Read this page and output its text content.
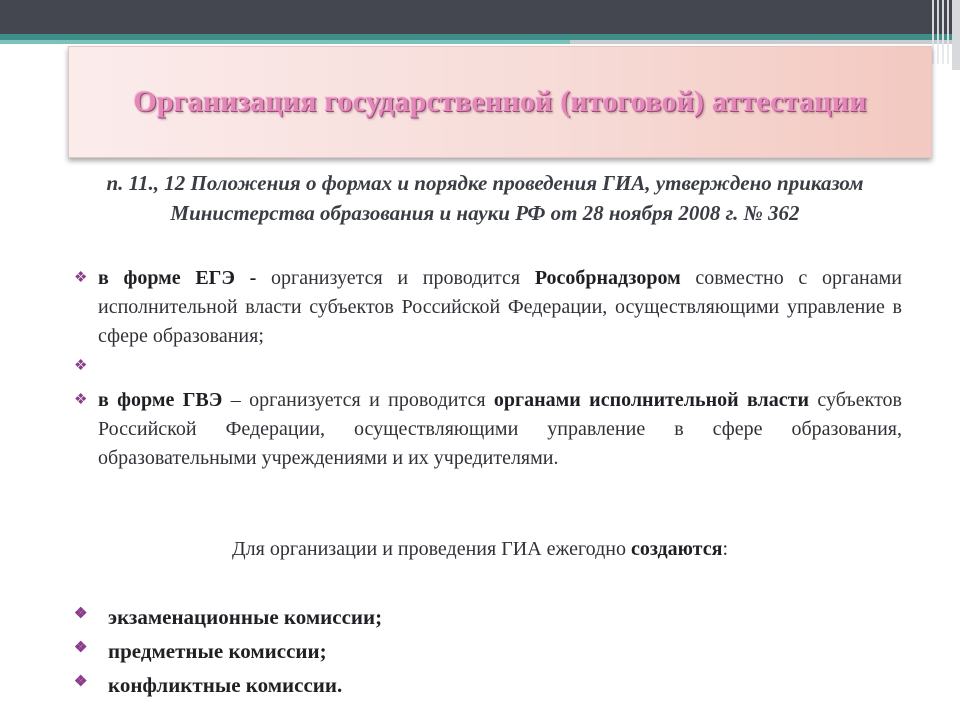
Организация государственной (итоговой) аттестации
п. 11., 12 Положения о формах и порядке проведения ГИА, утверждено приказом Министерства образования и науки РФ от 28 ноября 2008 г. № 362
❖ в форме ЕГЭ - организуется и проводится Рособрнадзором совместно с органами исполнительной власти субъектов Российской Федерации, осуществляющими управление в сфере образования;
❖
❖ в форме ГВЭ – организуется и проводится органами исполнительной власти субъектов Российской Федерации, осуществляющими управление в сфере образования, образовательными учреждениями и их учредителями.
Для организации и проведения ГИА ежегодно создаются:
❖ экзаменационные комиссии;
❖ предметные комиссии;
❖ конфликтные комиссии.
